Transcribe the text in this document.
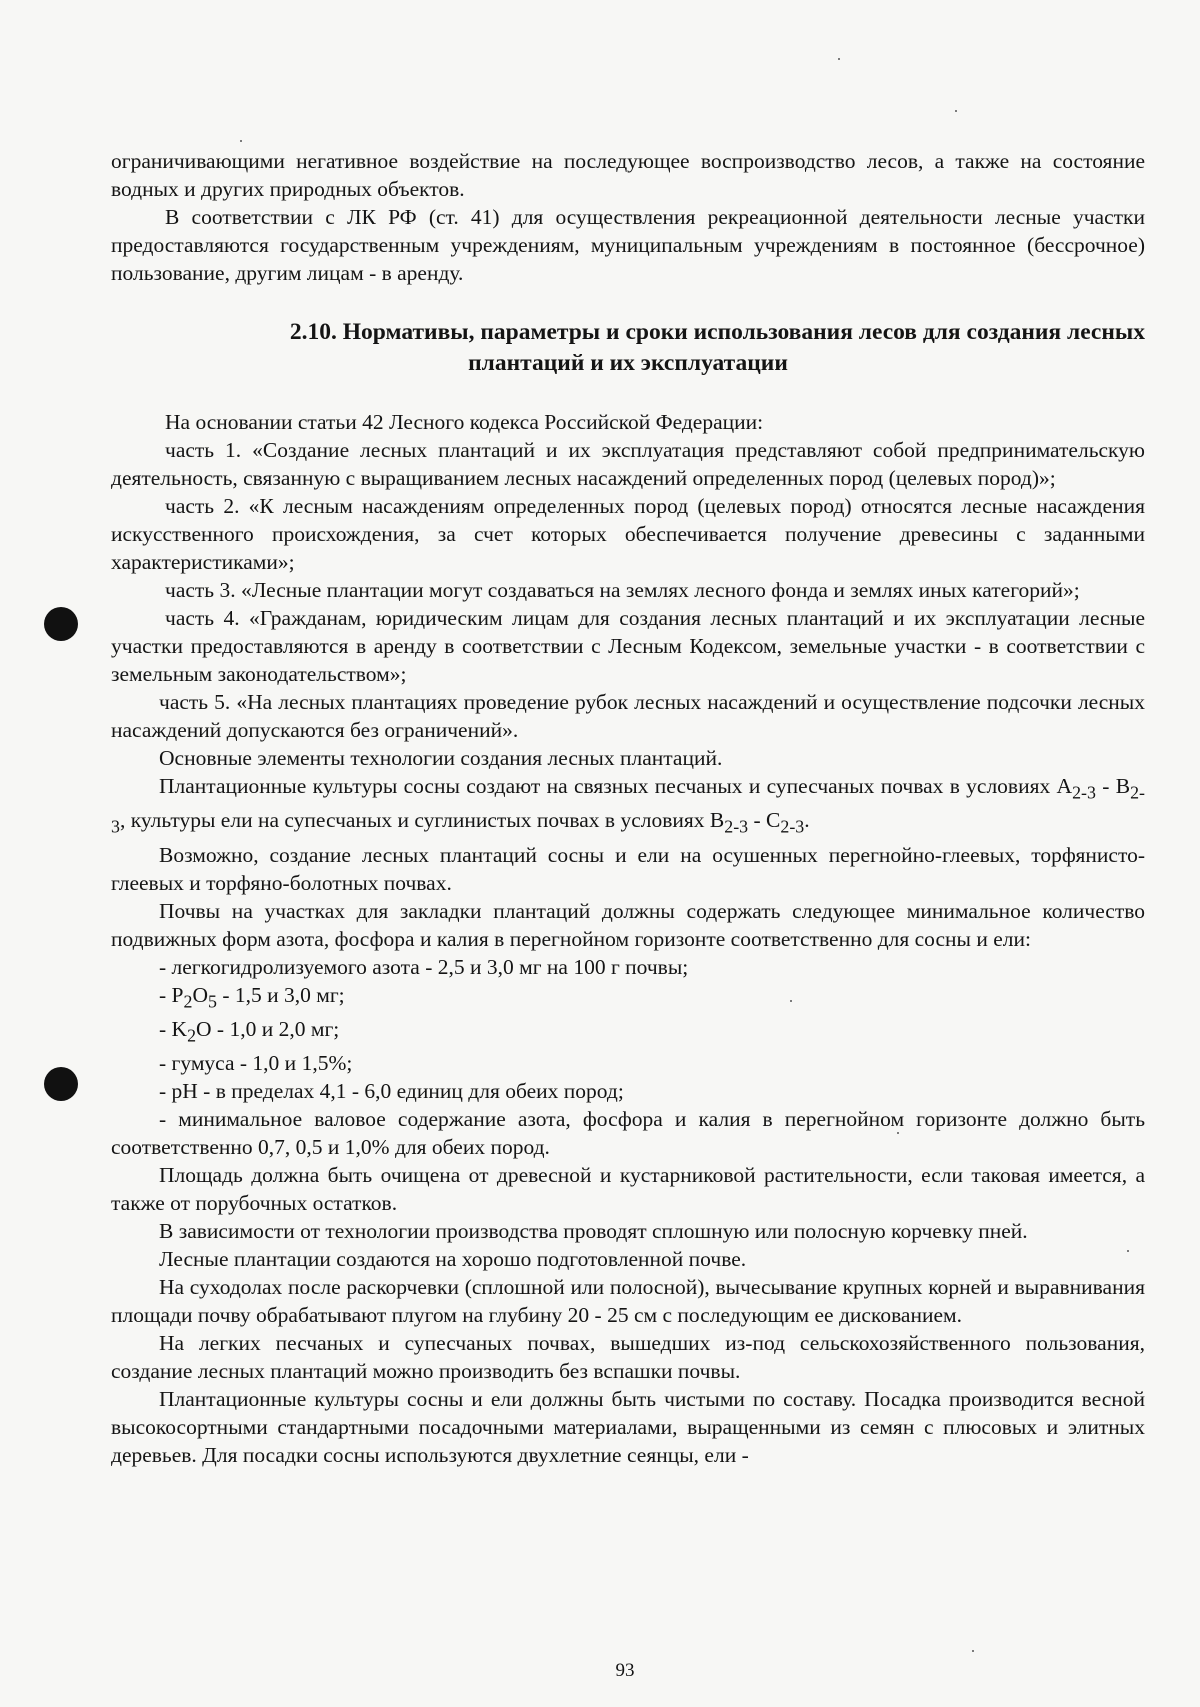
ограничивающими негативное воздействие на последующее воспроизводство лесов, а также на состояние водных и других природных объектов.

В соответствии с ЛК РФ (ст. 41) для осуществления рекреационной деятельности лесные участки предоставляются государственным учреждениям, муниципальным учреждениям в постоянное (бессрочное) пользование, другим лицам - в аренду.

2.10. Нормативы, параметры и сроки использования лесов для создания лесных
плантаций и их эксплуатации

На основании статьи 42 Лесного кодекса Российской Федерации:

часть 1. «Создание лесных плантаций и их эксплуатация представляют собой предпринимательскую деятельность, связанную с выращиванием лесных насаждений определенных пород (целевых пород)»;

часть 2. «К лесным насаждениям определенных пород (целевых пород) относятся лесные насаждения искусственного происхождения, за счет которых обеспечивается получение древесины с заданными характеристиками»;

часть 3. «Лесные плантации могут создаваться на землях лесного фонда и землях иных категорий»;

часть 4. «Гражданам, юридическим лицам для создания лесных плантаций и их эксплуатации лесные участки предоставляются в аренду в соответствии с Лесным Кодексом, земельные участки - в соответствии с земельным законодательством»;

часть 5. «На лесных плантациях проведение рубок лесных насаждений и осуществление подсочки лесных насаждений допускаются без ограничений».

Основные элементы технологии создания лесных плантаций.

Плантационные культуры сосны создают на связных песчаных и супесчаных почвах в условиях $А_{2-3} - В_{2-3}$, культуры ели на супесчаных и суглинистых почвах в условиях $В_{2-3} - С_{2-3}$.

Возможно, создание лесных плантаций сосны и ели на осушенных перегнойно-глеевых, торфянисто-глеевых и торфяно-болотных почвах.

Почвы на участках для закладки плантаций должны содержать следующее минимальное количество подвижных форм азота, фосфора и калия в перегнойном горизонте соответственно для сосны и ели:

- легкогидролизуемого азота - 2,5 и 3,0 мг на 100 г почвы;

- $P_2O_5 - 1,5$ и 3,0 мг;

- $K_2O - 1,0$ и 2,0 мг;

- гумуса - 1,0 и 1,5%;

- pH - в пределах 4,1 - 6,0 единиц для обеих пород;

- минимальное валовое содержание азота, фосфора и калия в перегнойном горизонте должно быть соответственно 0,7, 0,5 и 1,0% для обеих пород.

Площадь должна быть очищена от древесной и кустарниковой растительности, если таковая имеется, а также от порубочных остатков.

В зависимости от технологии производства проводят сплошную или полосную корчевку пней.

Лесные плантации создаются на хорошо подготовленной почве.

На суходолах после раскорчевки (сплошной или полосной), вычесывание крупных корней и выравнивания площади почву обрабатывают плугом на глубину 20 - 25 см с последующим ее дискованием.

На легких песчаных и супесчаных почвах, вышедших из-под сельскохозяйственного пользования, создание лесных плантаций можно производить без вспашки почвы.

Плантационные культуры сосны и ели должны быть чистыми по составу. Посадка производится весной высокосортными стандартными посадочными материалами, выращенными из семян с плюсовых и элитных деревьев. Для посадки сосны используются двухлетние сеянцы, ели -

93
